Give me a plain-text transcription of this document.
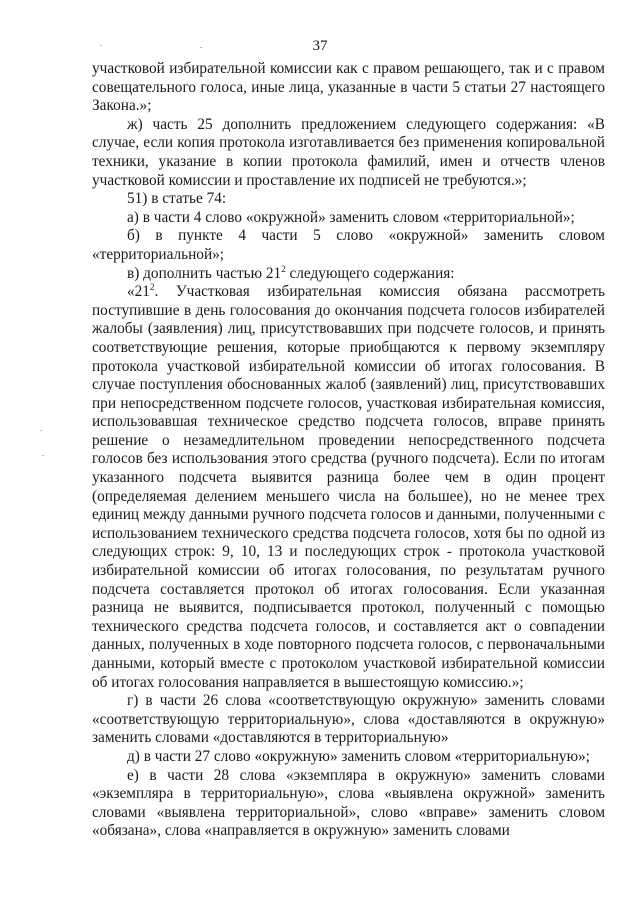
37

участковой избирательной комиссии как с правом решающего, так и с правом совещательного голоса, иные лица, указанные в части 5 статьи 27 настоящего Закона.»;

ж) часть 25 дополнить предложением следующего содержания: «В случае, если копия протокола изготавливается без применения копировальной техники, указание в копии протокола фамилий, имен и отчеств членов участковой комиссии и проставление их подписей не требуются.»;

51) в статье 74:

а) в части 4 слово «окружной» заменить словом «территориальной»;

б) в пункте 4 части 5 слово «окружной» заменить словом «территориальной»;

в) дополнить частью $21^2$ следующего содержания:

«$21^2$. Участковая избирательная комиссия обязана рассмотреть поступившие в день голосования до окончания подсчета голосов избирателей жалобы (заявления) лиц, присутствовавших при подсчете голосов, и принять соответствующие решения, которые приобщаются к первому экземпляру протокола участковой избирательной комиссии об итогах голосования. В случае поступления обоснованных жалоб (заявлений) лиц, присутствовавших при непосредственном подсчете голосов, участковая избирательная комиссия, использовавшая техническое средство подсчета голосов, вправе принять решение о незамедлительном проведении непосредственного подсчета голосов без использования этого средства (ручного подсчета). Если по итогам указанного подсчета выявится разница более чем в один процент (определяемая делением меньшего числа на большее), но не менее трех единиц между данными ручного подсчета голосов и данными, полученными с использованием технического средства подсчета голосов, хотя бы по одной из следующих строк: 9, 10, 13 и последующих строк - протокола участковой избирательной комиссии об итогах голосования, по результатам ручного подсчета составляется протокол об итогах голосования. Если указанная разница не выявится, подписывается протокол, полученный с помощью технического средства подсчета голосов, и составляется акт о совпадении данных, полученных в ходе повторного подсчета голосов, с первоначальными данными, который вместе с протоколом участковой избирательной комиссии об итогах голосования направляется в вышестоящую комиссию.»;

г) в части 26 слова «соответствующую окружную» заменить словами «соответствующую территориальную», слова «доставляются в окружную» заменить словами «доставляются в территориальную»

д) в части 27 слово «окружную» заменить словом «территориальную»;

е) в части 28 слова «экземпляра в окружную» заменить словами «экземпляра в территориальную», слова «выявлена окружной» заменить словами «выявлена территориальной», слово «вправе» заменить словом «обязана», слова «направляется в окружную» заменить словами
